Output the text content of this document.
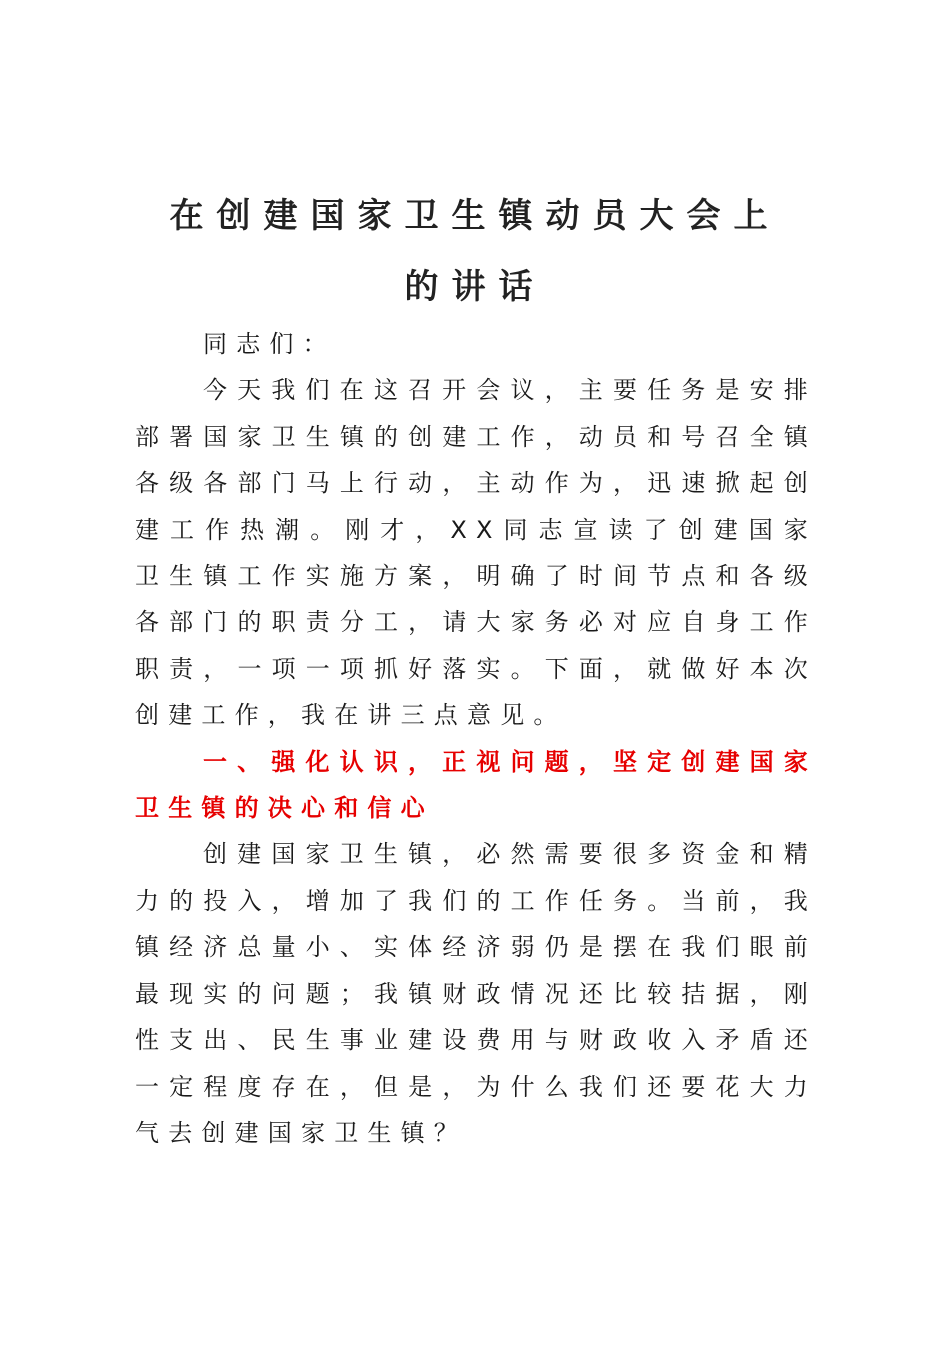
在创建国家卫生镇动员大会上
的讲话

同志们：

今天我们在这召开会议，主要任务是安排部署国家卫生镇的创建工作，动员和号召全镇各级各部门马上行动，主动作为，迅速掀起创建工作热潮。刚才，XX同志宣读了创建国家卫生镇工作实施方案，明确了时间节点和各级各部门的职责分工，请大家务必对应自身工作职责，一项一项抓好落实。下面，就做好本次创建工作，我在讲三点意见。

一、强化认识，正视问题，坚定创建国家卫生镇的决心和信心

创建国家卫生镇，必然需要很多资金和精力的投入，增加了我们的工作任务。当前，我镇经济总量小、实体经济弱仍是摆在我们眼前最现实的问题；我镇财政情况还比较拮据，刚性支出、民生事业建设费用与财政收入矛盾还一定程度存在，但是，为什么我们还要花大力气去创建国家卫生镇？
